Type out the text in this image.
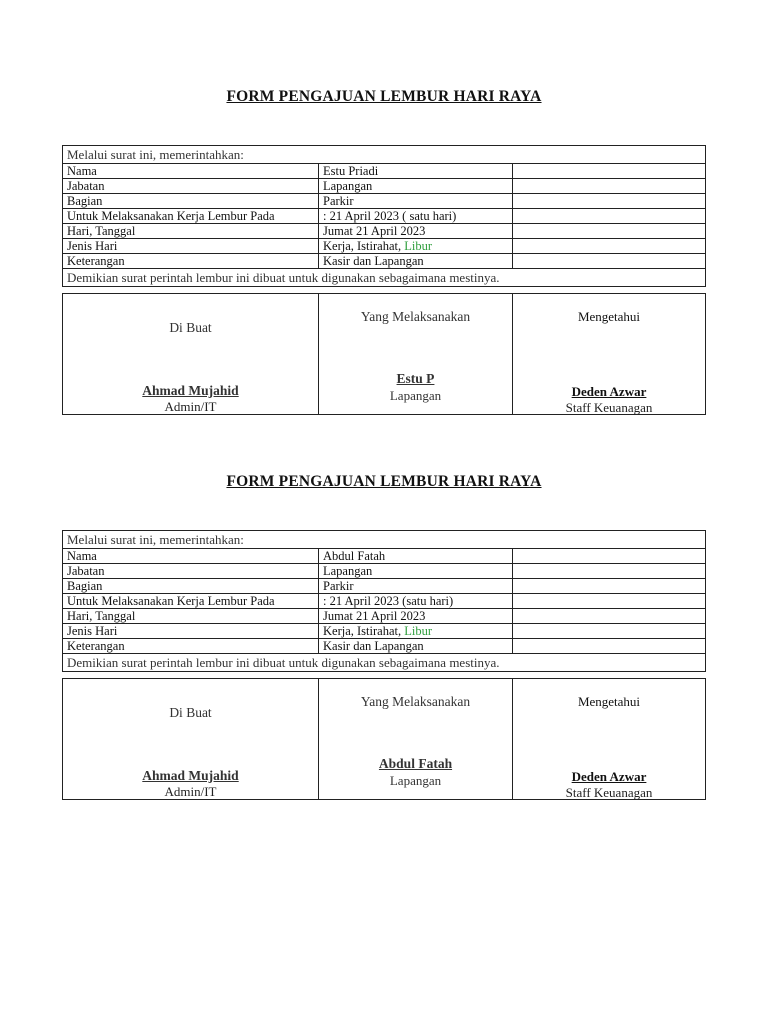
FORM PENGAJUAN LEMBUR HARI RAYA
Melalui surat ini, memerintahkan:		
Nama	Estu Priadi	
Jabatan	Lapangan	
Bagian	Parkir	
Untuk Melaksanakan Kerja Lembur Pada	: 21 April 2023 ( satu hari)	
Hari, Tanggal	Jumat 21 April 2023	
Jenis Hari	Kerja, Istirahat, Libur	
Keterangan	Kasir dan Lapangan	
Demikian surat perintah lembur ini dibuat untuk digunakan sebagaimana mestinya.		
Di Buat
Ahmad Mujahid
Admin/IT

Yang Melaksanakan
Estu P
Lapangan

Mengetahui
Deden Azwar
Staff Keuanagan
FORM PENGAJUAN LEMBUR HARI RAYA
Melalui surat ini, memerintahkan:		
Nama	Abdul Fatah	
Jabatan	Lapangan	
Bagian	Parkir	
Untuk Melaksanakan Kerja Lembur Pada	: 21 April 2023 (satu hari)	
Hari, Tanggal	Jumat 21 April 2023	
Jenis Hari	Kerja, Istirahat, Libur	
Keterangan	Kasir dan Lapangan	
Demikian surat perintah lembur ini dibuat untuk digunakan sebagaimana mestinya.		
Di Buat
Ahmad Mujahid
Admin/IT

Yang Melaksanakan
Abdul Fatah
Lapangan

Mengetahui
Deden Azwar
Staff Keuanagan
